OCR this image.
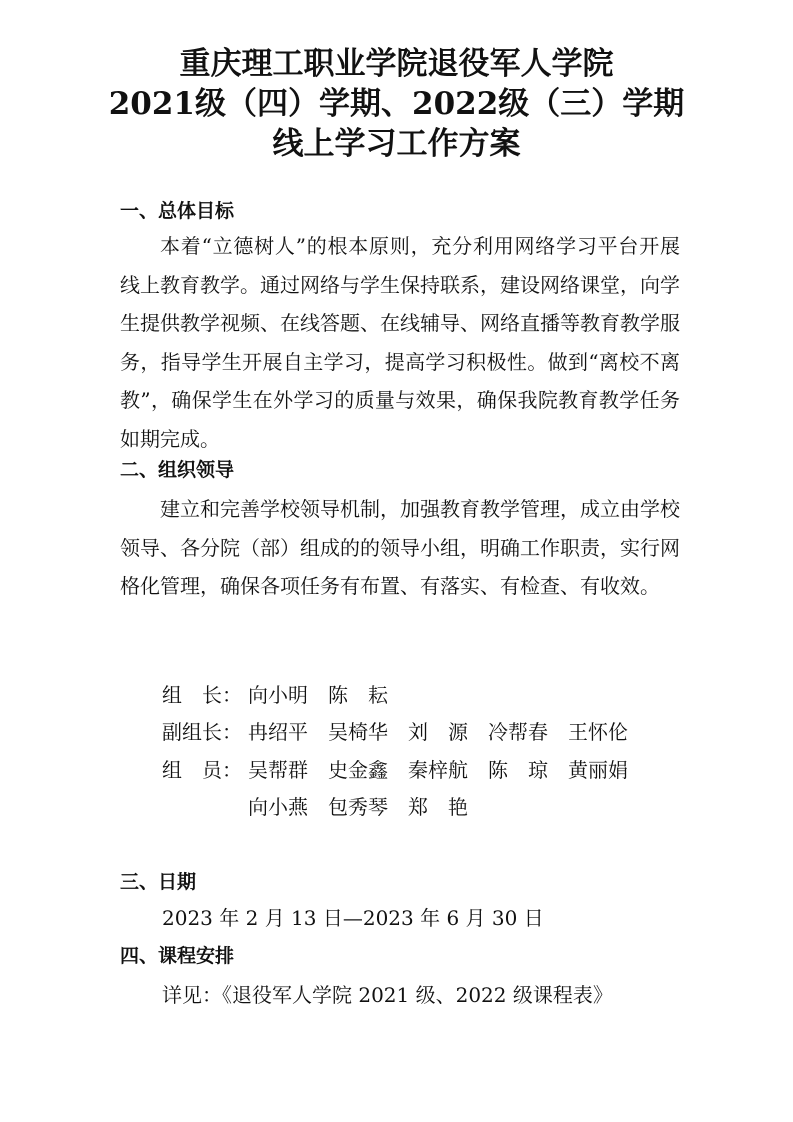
重庆理工职业学院退役军人学院
2021级（四）学期、2022级（三）学期
线上学习工作方案
一、总体目标

本着“立德树人”的根本原则，充分利用网络学习平台开展线上教育教学。通过网络与学生保持联系，建设网络课堂，向学生提供教学视频、在线答题、在线辅导、网络直播等教育教学服务，指导学生开展自主学习，提高学习积极性。做到“离校不离教”，确保学生在外学习的质量与效果，确保我院教育教学任务如期完成。

二、组织领导

建立和完善学校领导机制，加强教育教学管理，成立由学校领导、各分院（部）组成的的领导小组，明确工作职责，实行网格化管理，确保各项任务有布置、有落实、有检查、有收效。

组　长： 向小明　陈　耘
副组长： 冉绍平　吴椅华　刘　源　冷帮春　王怀伦
组　员： 吴帮群　史金鑫　秦梓航　陈　琼　黄丽娟
向小燕　包秀琴　郑　艳
三、日期
2023 年 2 月 13 日—2023 年 6 月 30 日
四、课程安排
详见：《退役军人学院 2021 级、2022 级课程表》
